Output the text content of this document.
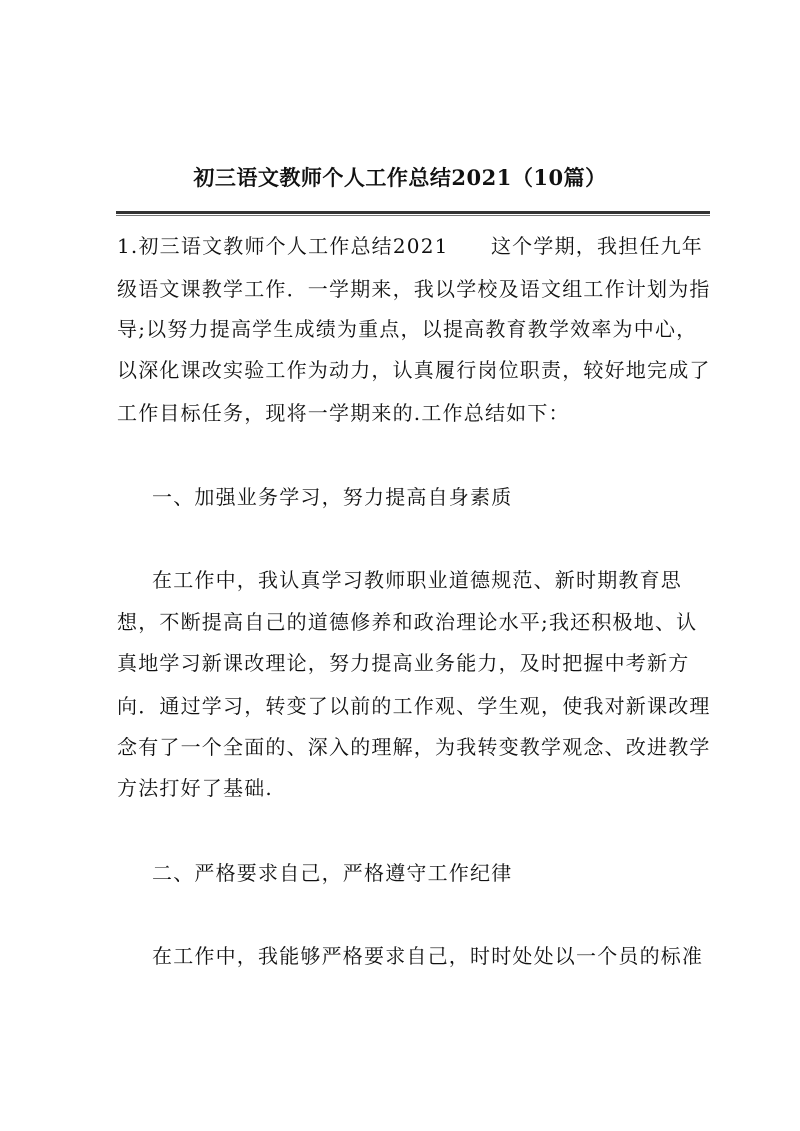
初三语文教师个人工作总结2021（10篇）
1.初三语文教师个人工作总结2021　　这个学期，我担任九年
级语文课教学工作．一学期来，我以学校及语文组工作计划为指
导;以努力提高学生成绩为重点，以提高教育教学效率为中心，
以深化课改实验工作为动力，认真履行岗位职责，较好地完成了
工作目标任务，现将一学期来的.工作总结如下：
一、加强业务学习，努力提高自身素质
在工作中，我认真学习教师职业道德规范、新时期教育思
想，不断提高自己的道德修养和政治理论水平;我还积极地、认
真地学习新课改理论，努力提高业务能力，及时把握中考新方
向．通过学习，转变了以前的工作观、学生观，使我对新课改理
念有了一个全面的、深入的理解，为我转变教学观念、改进教学
方法打好了基础.
二、严格要求自己，严格遵守工作纪律
在工作中，我能够严格要求自己，时时处处以一个员的标准
